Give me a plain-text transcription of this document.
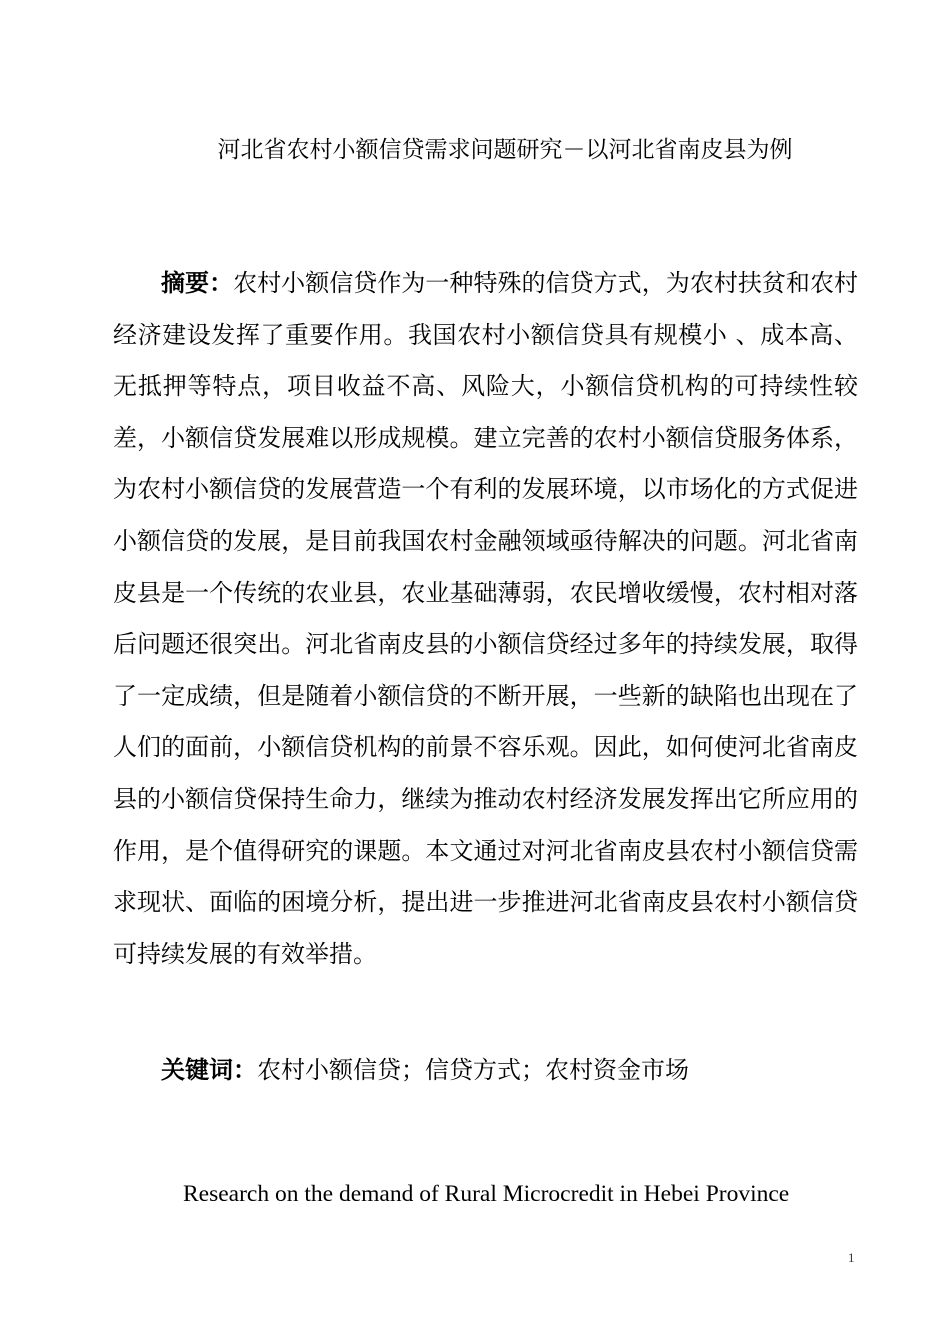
河北省农村小额信贷需求问题研究－以河北省南皮县为例
摘要：农村小额信贷作为一种特殊的信贷方式，为农村扶贫和农村经济建设发挥了重要作用。我国农村小额信贷具有规模小 、成本高、无抵押等特点，项目收益不高、风险大，小额信贷机构的可持续性较差，小额信贷发展难以形成规模。建立完善的农村小额信贷服务体系，为农村小额信贷的发展营造一个有利的发展环境，以市场化的方式促进小额信贷的发展，是目前我国农村金融领域亟待解决的问题。河北省南皮县是一个传统的农业县，农业基础薄弱，农民增收缓慢，农村相对落后问题还很突出。河北省南皮县的小额信贷经过多年的持续发展，取得了一定成绩，但是随着小额信贷的不断开展，一些新的缺陷也出现在了人们的面前，小额信贷机构的前景不容乐观。因此，如何使河北省南皮县的小额信贷保持生命力，继续为推动农村经济发展发挥出它所应用的作用，是个值得研究的课题。本文通过对河北省南皮县农村小额信贷需求现状、面临的困境分析，提出进一步推进河北省南皮县农村小额信贷可持续发展的有效举措。
关键词：农村小额信贷；信贷方式；农村资金市场
Research on the demand of Rural Microcredit in Hebei Province
1
